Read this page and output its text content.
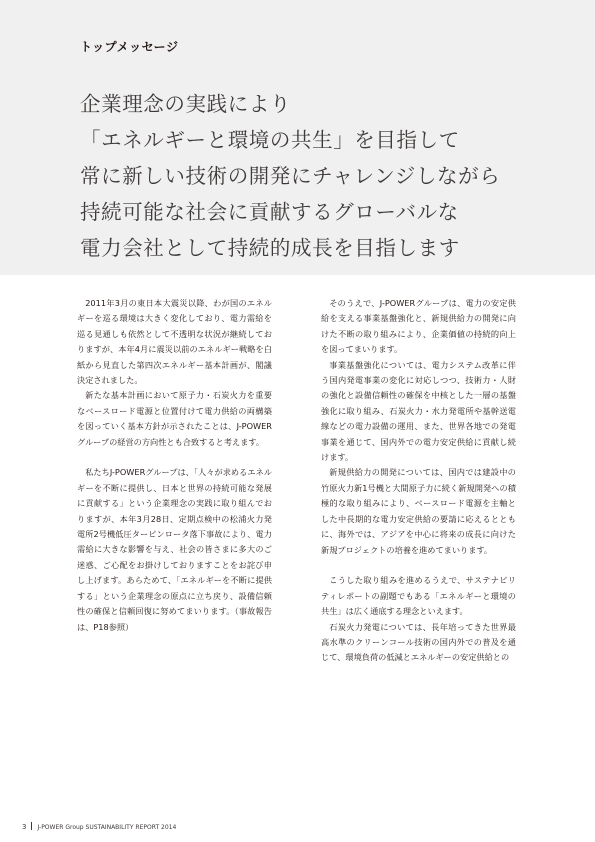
トップメッセージ
企業理念の実践により
「エネルギーと環境の共生」を目指して
常に新しい技術の開発にチャレンジしながら
持続可能な社会に貢献するグローバルな
電力会社として持続的成長を目指します

2011年3月の東日本大震災以降、わが国のエネルギーを巡る環境は大きく変化しており、電力需給を巡る見通しも依然として不透明な状況が継続しておりますが、本年4月に震災以前のエネルギー戦略を白紙から見直した第四次エネルギー基本計画が、閣議決定されました。

新たな基本計画において原子力・石炭火力を重要なベースロード電源と位置付けて電力供給の両構築を図っていく基本方針が示されたことは、J-POWERグループの経営の方向性とも合致すると考えます。

私たちJ-POWERグループは、「人々が求めるエネルギーを不断に提供し、日本と世界の持続可能な発展に貢献する」という企業理念の実践に取り組んでおりますが、本年3月28日、定期点検中の松浦火力発電所2号機低圧タービンロータ落下事故により、電力需給に大きな影響を与え、社会の皆さまに多大のご迷惑、ご心配をお掛けしておりますことをお詫び申し上げます。あらためて、「エネルギーを不断に提供する」という企業理念の原点に立ち戻り、設備信頼性の確保と信頼回復に努めてまいります。（事故報告は、P18参照）

そのうえで、J-POWERグループは、電力の安定供給を支える事業基盤強化と、新規供給力の開発に向けた不断の取り組みにより、企業価値の持続的向上を図ってまいります。

事業基盤強化については、電力システム改革に伴う国内発電事業の変化に対応しつつ、技術力・人財の強化と設備信頼性の確保を中核とした一層の基盤強化に取り組み、石炭火力・水力発電所や基幹送電線などの電力設備の運用、また、世界各地での発電事業を通じて、国内外での電力安定供給に貢献し続けます。

新規供給力の開発については、国内では建設中の竹原火力新1号機と大間原子力に続く新規開発への積極的な取り組みにより、ベースロード電源を主軸とした中長期的な電力安定供給の要請に応えるとともに、海外では、アジアを中心に将来の成長に向けた新規プロジェクトの培養を進めてまいります。

こうした取り組みを進めるうえで、サステナビリティレポートの副題でもある「エネルギーと環境の共生」は広く通底する理念といえます。

石炭火力発電については、長年培ってきた世界最高水準のクリーンコール技術の国内外での普及を通じて、環境負荷の低減とエネルギーの安定供給との

3 J-POWER Group SUSTAINABILITY REPORT 2014
